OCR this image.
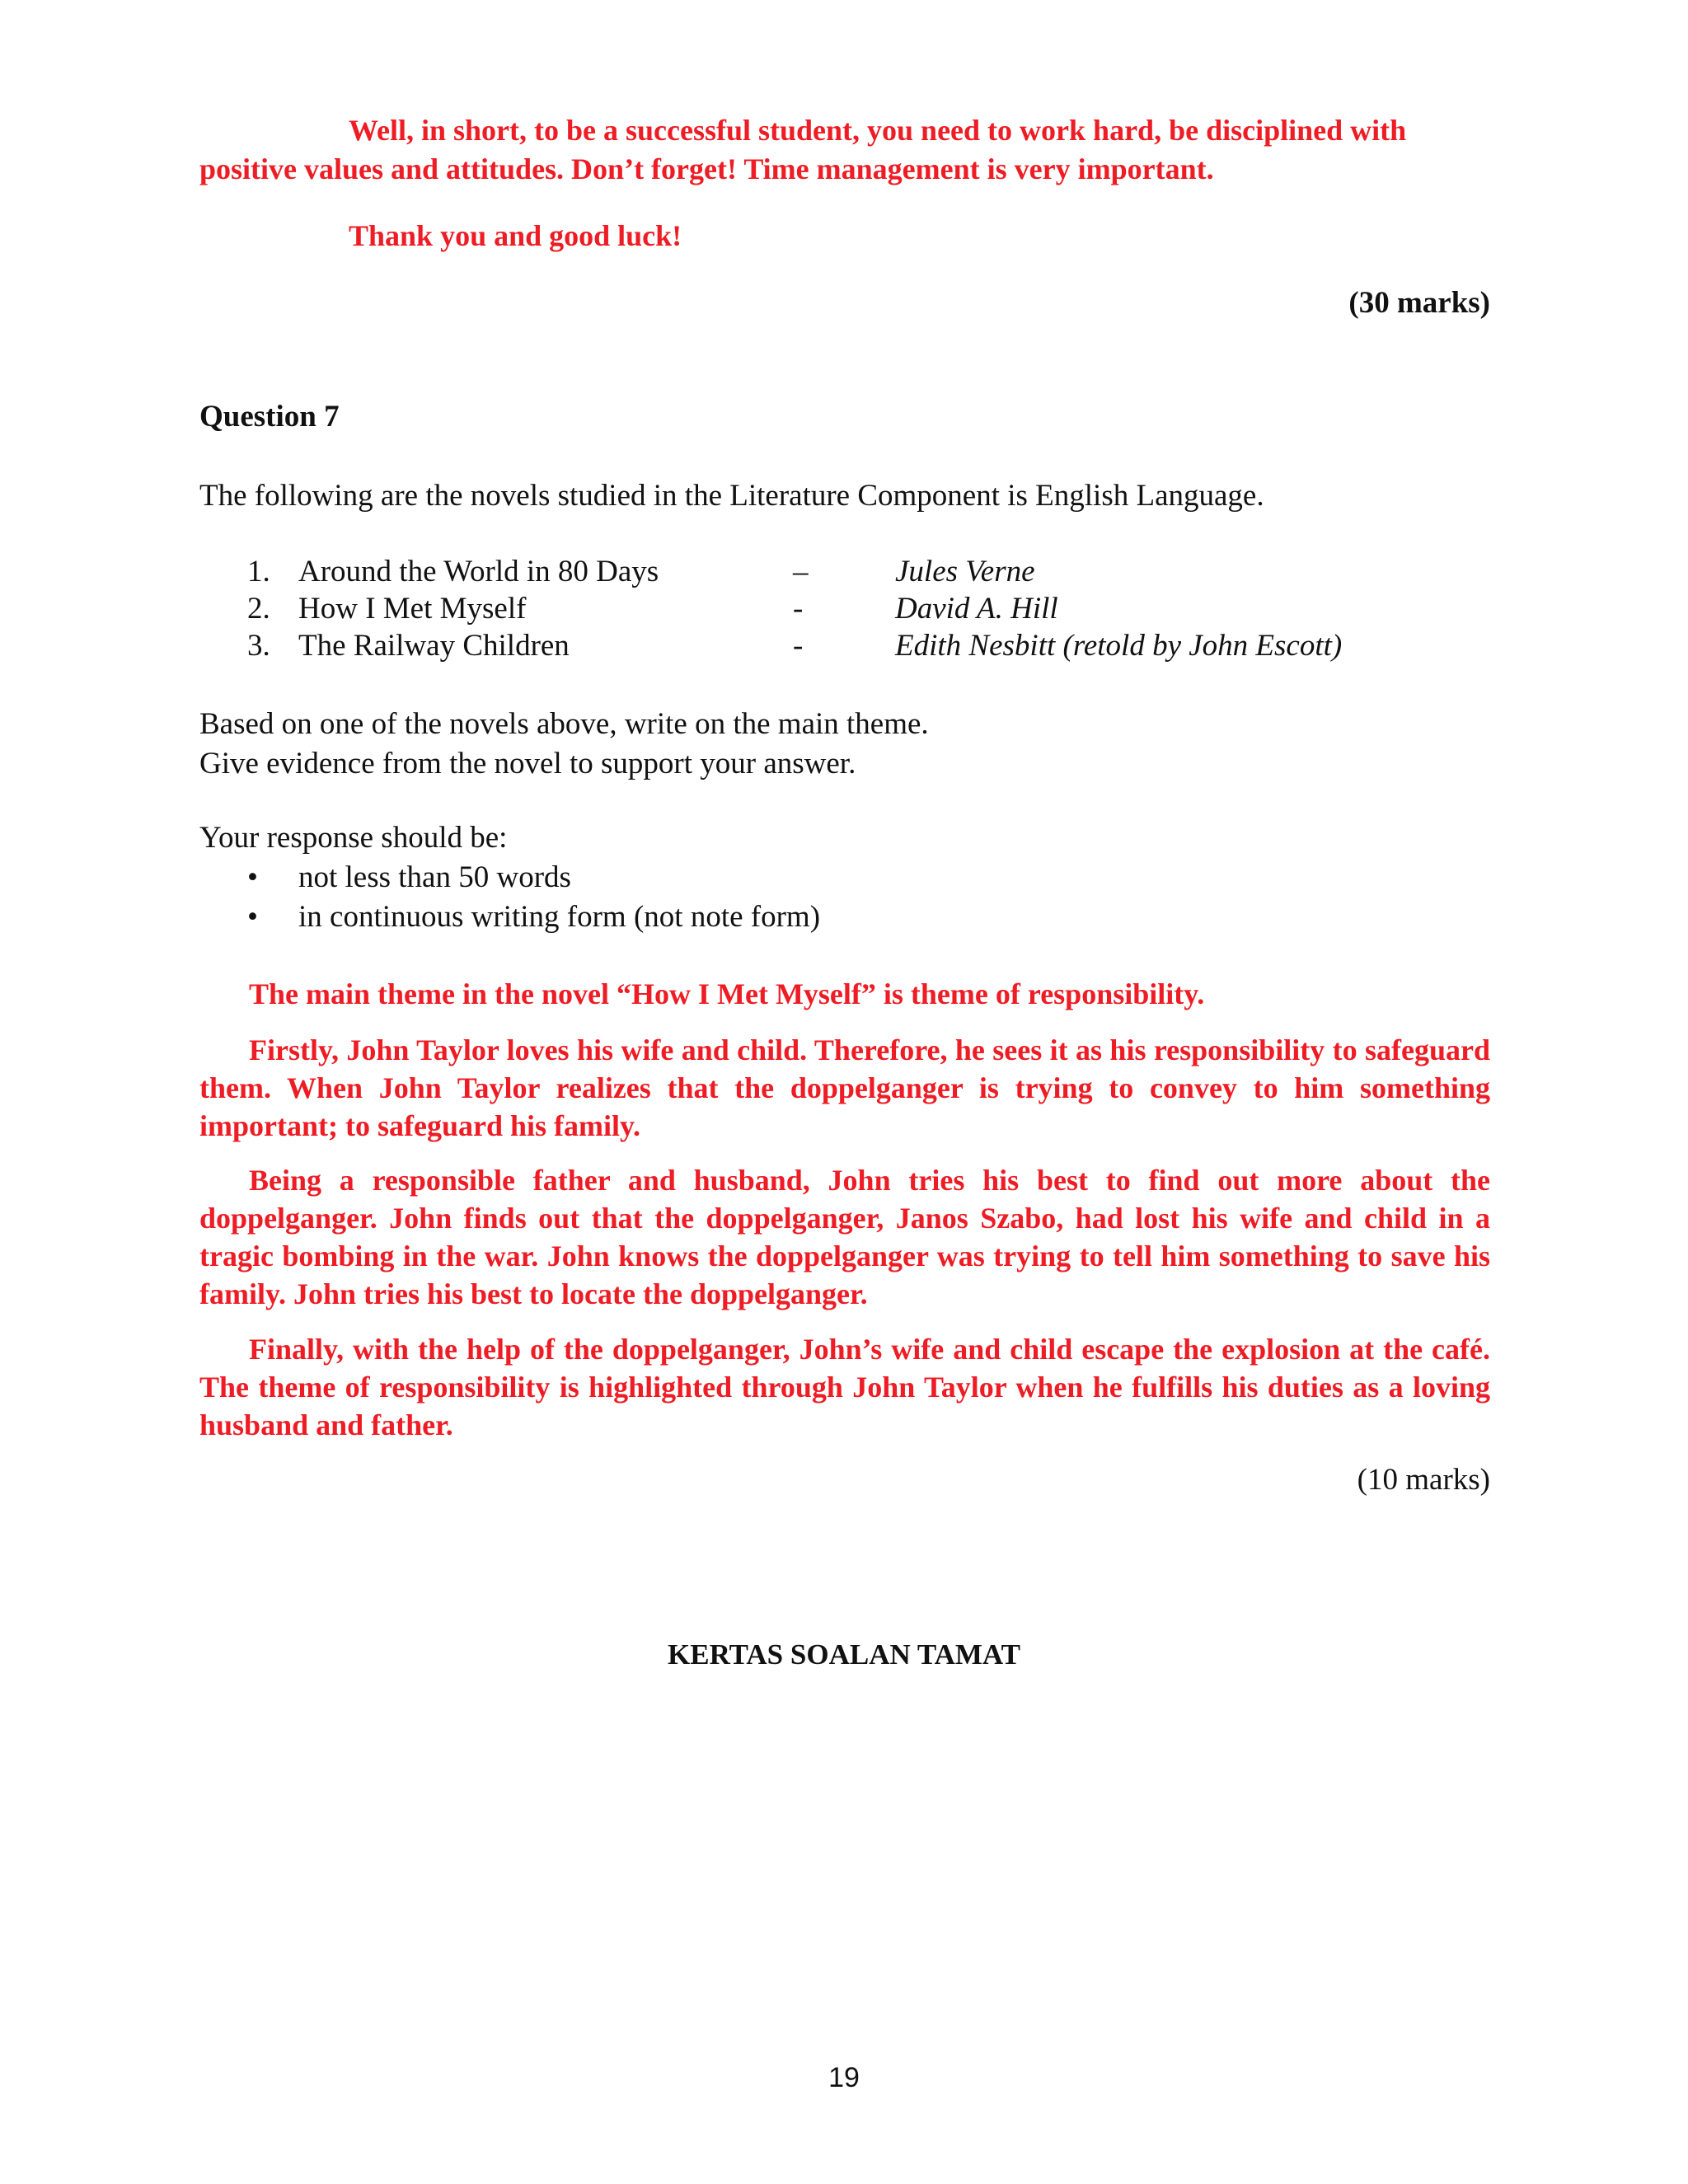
Well, in short, to be a successful student, you need to work hard, be disciplined with
positive values and attitudes. Don’t forget! Time management is very important.
Thank you and good luck!
(30 marks)
Question 7
The following are the novels studied in the Literature Component is English Language.
1. Around the World in 80 Days	–	Jules Verne
2. How I Met Myself	-	David A. Hill
3. The Railway Children	-	Edith Nesbitt (retold by John Escott)
Based on one of the novels above, write on the main theme.
Give evidence from the novel to support your answer.
Your response should be:
• not less than 50 words
• in continuous writing form (not note form)
The main theme in the novel “How I Met Myself” is theme of responsibility.
Firstly, John Taylor loves his wife and child. Therefore, he sees it as his responsibility to safeguard them. When John Taylor realizes that the doppelganger is trying to convey to him something important; to safeguard his family.
Being a responsible father and husband, John tries his best to find out more about the doppelganger. John finds out that the doppelganger, Janos Szabo, had lost his wife and child in a tragic bombing in the war. John knows the doppelganger was trying to tell him something to save his family. John tries his best to locate the doppelganger.
Finally, with the help of the doppelganger, John’s wife and child escape the explosion at the café. The theme of responsibility is highlighted through John Taylor when he fulfills his duties as a loving husband and father.
(10 marks)
KERTAS SOALAN TAMAT
19
